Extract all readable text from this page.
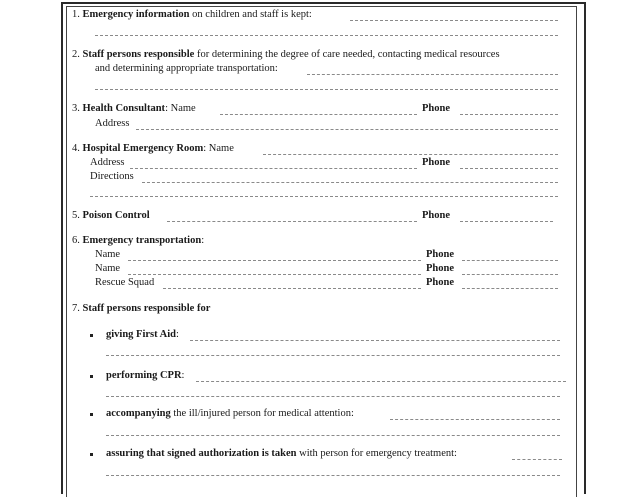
1. Emergency information on children and staff is kept:
2. Staff persons responsible for determining the degree of care needed, contacting medical resources
and determining appropriate transportation:
3. Health Consultant: Name	Phone
Address
4. Hospital Emergency Room: Name
Address	Phone
Directions
5. Poison Control	Phone
6. Emergency transportation:
Name	Phone
Name	Phone
Rescue Squad	Phone
7. Staff persons responsible for
giving First Aid:
performing CPR:
accompanying the ill/injured person for medical attention:
assuring that signed authorization is taken with person for emergency treatment:
